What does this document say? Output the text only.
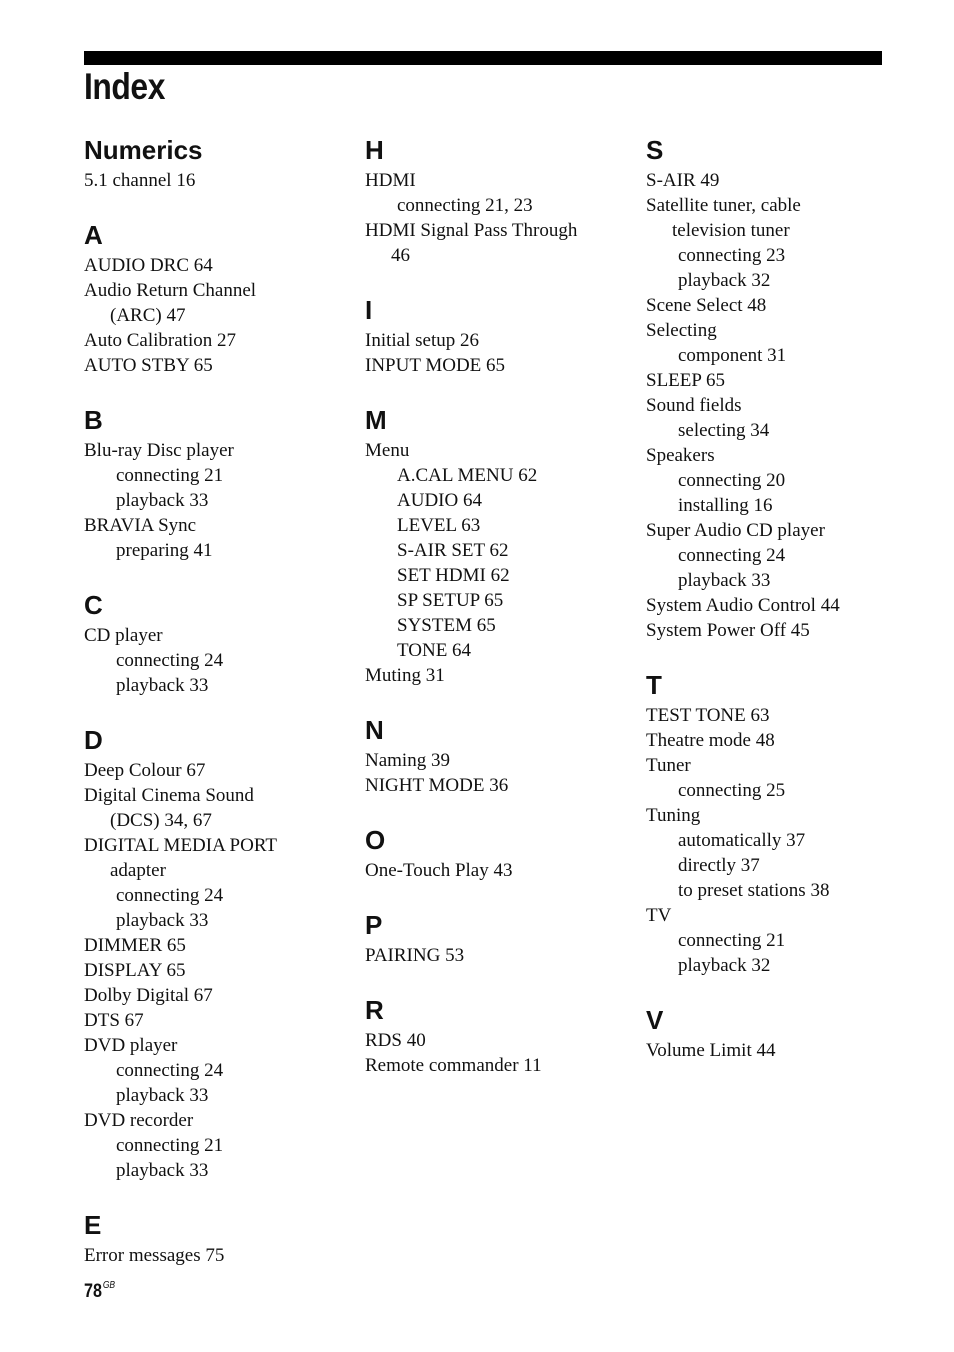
Index
Numerics
5.1 channel 16
A
AUDIO DRC 64
Audio Return Channel
(ARC) 47
Auto Calibration 27
AUTO STBY 65
B
Blu-ray Disc player
connecting 21
playback 33
BRAVIA Sync
preparing 41
C
CD player
connecting 24
playback 33
D
Deep Colour 67
Digital Cinema Sound
(DCS) 34, 67
DIGITAL MEDIA PORT
adapter
connecting 24
playback 33
DIMMER 65
DISPLAY 65
Dolby Digital 67
DTS 67
DVD player
connecting 24
playback 33
DVD recorder
connecting 21
playback 33
E
Error messages 75
H
HDMI
connecting 21, 23
HDMI Signal Pass Through
46
I
Initial setup 26
INPUT MODE 65
M
Menu
A.CAL MENU 62
AUDIO 64
LEVEL 63
S-AIR SET 62
SET HDMI 62
SP SETUP 65
SYSTEM 65
TONE 64
Muting 31
N
Naming 39
NIGHT MODE 36
O
One-Touch Play 43
P
PAIRING 53
R
RDS 40
Remote commander 11
S
S-AIR 49
Satellite tuner, cable
television tuner
connecting 23
playback 32
Scene Select 48
Selecting
component 31
SLEEP 65
Sound fields
selecting 34
Speakers
connecting 20
installing 16
Super Audio CD player
connecting 24
playback 33
System Audio Control 44
System Power Off 45
T
TEST TONE 63
Theatre mode 48
Tuner
connecting 25
Tuning
automatically 37
directly 37
to preset stations 38
TV
connecting 21
playback 32
V
Volume Limit 44
$78^{GB}$
